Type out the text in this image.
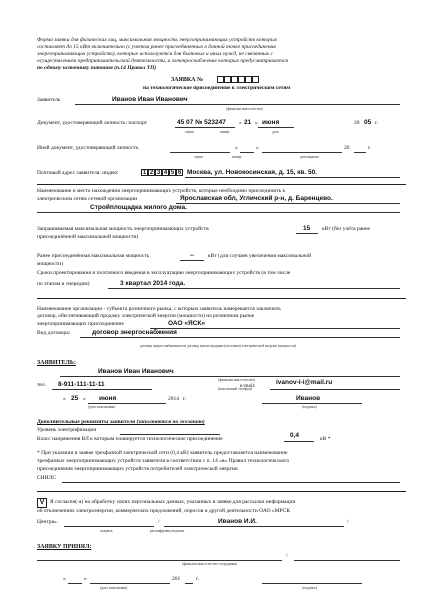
Форма заявки для физических лиц, максимальная мощность энергопринимающих устройств которых
составляет до 15 кВт включительно (с учетом ранее присоединенных в данной точке присоединения
энергопринимающих устройств), которые используются для бытовых и иных нужд, не связанных с
осуществлением предпринимательской деятельности, и электроснабжение которых предусматривается
по одному источнику питания (п.14 Правил ТП)
ЗАЯВКА №
на технологическое присоединение к электрическим сетям
Заявитель	Иванов Иван Иванович
(фамилия имя отчество)
Документ, удостоверяющий личность: паспорт	45 07 № 523247 « 21 » июня	20 05 г.
серия	номер	дата
Иной документ, удостоверяющий личность	«	»	20	г.
серия	номер	дата выдачи
Почтовый адрес заявителя: индекс	1 2 3 4 5 6 Москва, ул. Новокосинская, д. 15, кв. 50.
Наименование и место нахождения энергопринимающих устройств, которые необходимо присоединить к
электрическим сетям сетевой организации	Ярославская обл, Угличский р-н, д. Баренцево.
Стройплощадка жилого дома.
Запрашиваемая максимальная мощность энергопринимающих устройств	15 кВт (без учёта ранее
присоединённой максимальной мощности)
Ранее присоединённая максимальная мощность	-- кВт (для случаев увеличения максимальной
мощности)
Сроки проектирования и поэтапного введения в эксплуатацию энергопринимающих устройств (в том числе
по этапам и очередям)	3 квартал 2014 года.
Наименование организации - субъекта розничного рынка, с которым заявитель намеревается заключить
договор, обеспечивающий продажу электрической энергии (мощности) на розничном рынке
энергопринимающих присоединение	ОАО «ЯСК»
Вид договора:	договор энергоснабжения
договор энергоснабжения или договор купли-продажи (поставки) электрической энергии (мощности)
ЗАЯВИТЕЛЬ:
Иванов Иван Иванович
(фамилия имя отчество)
тел. 8-911-111-11-11	e-mail:	ivanov-i-i@mail.ru
(контактный телефон)
« 25 » июня	2014 г.	Иванов
(дата заполнения)	(подпись)
Дополнительные реквизиты заявителя (заполняются по желанию)
Уровень электрификации
Класс напряжения ВЛ к которым планируется технологическое присоединение	0,4	кВ *
* При указании в заявке трехфазной электрической сети (0,4 кВ) заявитель предоставляется наименование
трехфазных энергопринимающих устройств заявителя в соответствии с п. 14 «в» Правил технологического
присоединения энергопринимающих устройств потребителей электрической энергии
СНИЛС
V	Я согласен(-а) на обработку своих персональных данных, указанных в заявке для рассылки информации
об отключениях электроэнергии, коммерческих предложений, опросов и другой деятельности ОАО «МРСК
Центра».	/	Иванов И.И.	/
подпись	расшифровка подписи
ЗАЯВКУ ПРИНЯЛ:
/
(фамилия имя отчество сотрудника)
«	»	201	г.
(дата заполнения)	(подпись)
